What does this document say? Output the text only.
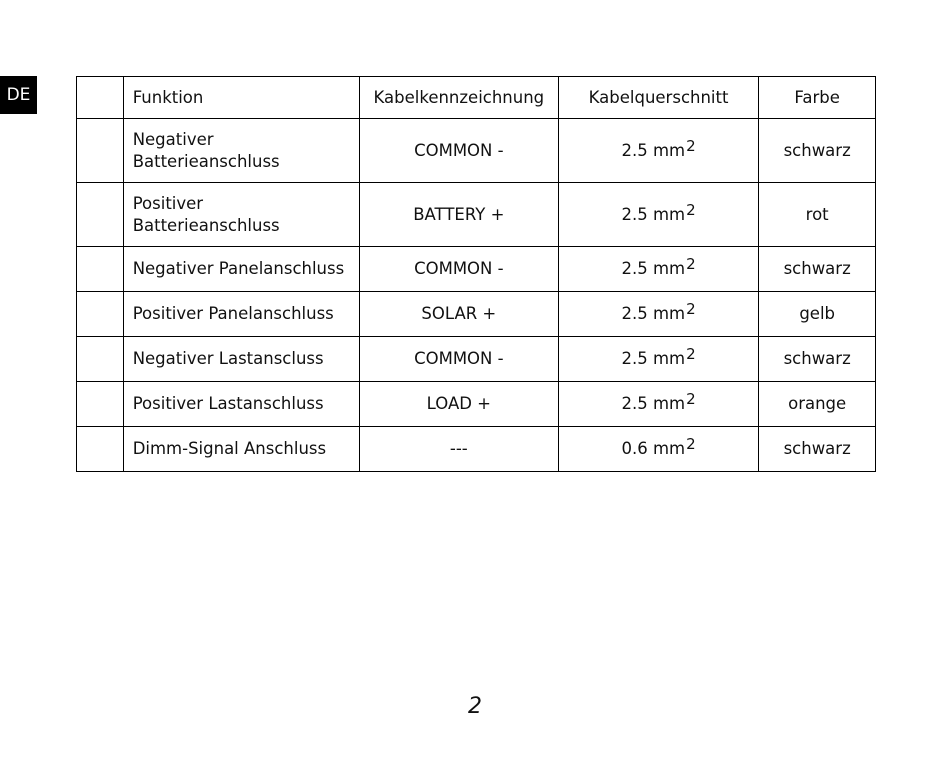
DE
		Funktion	Kabelkennzeichnung	Kabelquerschnitt	Farbe
	Negativer Batterieanschluss	COMMON -	2.5 $mm^2$	schwarz
	Positiver Batterieanschluss	BATTERY +	2.5 $mm^2$	rot
	Negativer Panelanschluss	COMMON -	2.5 $mm^2$	schwarz
	Positiver Panelanschluss	SOLAR +	2.5 $mm^2$	gelb
	Negativer Lastanscluss	COMMON -	2.5 $mm^2$	schwarz
	Positiver Lastanschluss	LOAD +	2.5 $mm^2$	orange
	Dimm-Signal Anschluss	---	0.6 $mm^2$	schwarz
2
